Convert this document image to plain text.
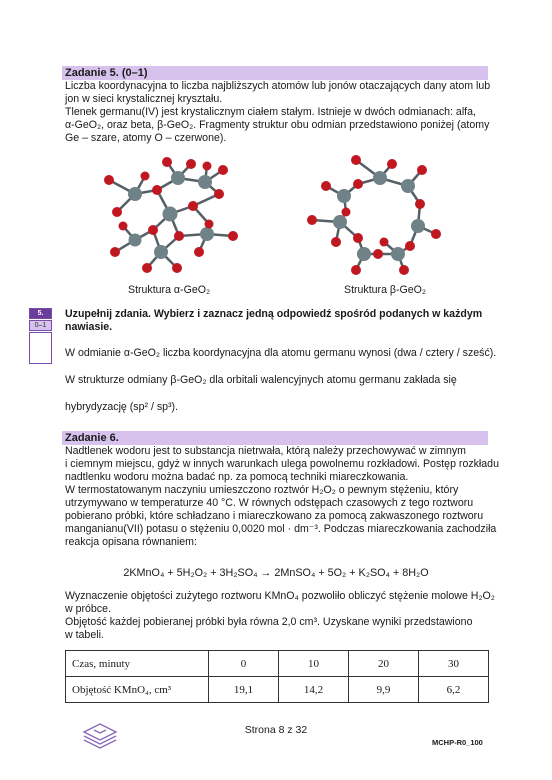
Zadanie 5. (0–1)
Liczba koordynacyjna to liczba najbliższych atomów lub jonów otaczających dany atom lub
jon w sieci krystalicznej kryształu.
Tlenek germanu(IV) jest krystalicznym ciałem stałym. Istnieje w dwóch odmianach: alfa,
α-GeO₂, oraz beta, β-GeO₂. Fragmenty struktur obu odmian przedstawiono poniżej (atomy
Ge – szare, atomy O – czerwone).
Struktura α-GeO₂	Struktura β-GeO₂
5.
0–1
Uzupełnij zdania. Wybierz i zaznacz jedną odpowiedź spośród podanych w każdym
nawiasie.
W odmianie α-GeO₂ liczba koordynacyjna dla atomu germanu wynosi (dwa / cztery / sześć).
W strukturze odmiany β-GeO₂ dla orbitali walencyjnych atomu germanu zakłada się
hybrydyzację (sp² / sp³).
Zadanie 6.
Nadtlenek wodoru jest to substancja nietrwała, którą należy przechowywać w zimnym
i ciemnym miejscu, gdyż w innych warunkach ulega powolnemu rozkładowi. Postęp rozkładu
nadtlenku wodoru można badać np. za pomocą techniki miareczkowania.
W termostatowanym naczyniu umieszczono roztwór H₂O₂ o pewnym stężeniu, który
utrzymywano w temperaturze 40 °C. W równych odstępach czasowych z tego roztworu
pobierano próbki, które schładzano i miareczkowano za pomocą zakwaszonego roztworu
manganianu(VII) potasu o stężeniu 0,0020 mol · dm⁻³. Podczas miareczkowania zachodziła
reakcja opisana równaniem:
2KMnO₄ + 5H₂O₂ + 3H₂SO₄ → 2MnSO₄ + 5O₂ + K₂SO₄ + 8H₂O
Wyznaczenie objętości zużytego roztworu KMnO₄ pozwoliło obliczyć stężenie molowe H₂O₂
w próbce.
Objętość każdej pobieranej próbki była równa 2,0 cm³. Uzyskane wyniki przedstawiono
w tabeli.
Czas, minuty	0	10	20	30
Objętość KMnO₄, cm³	19,1	14,2	9,9	6,2
Strona 8 z 32
MCHP-R0_100
